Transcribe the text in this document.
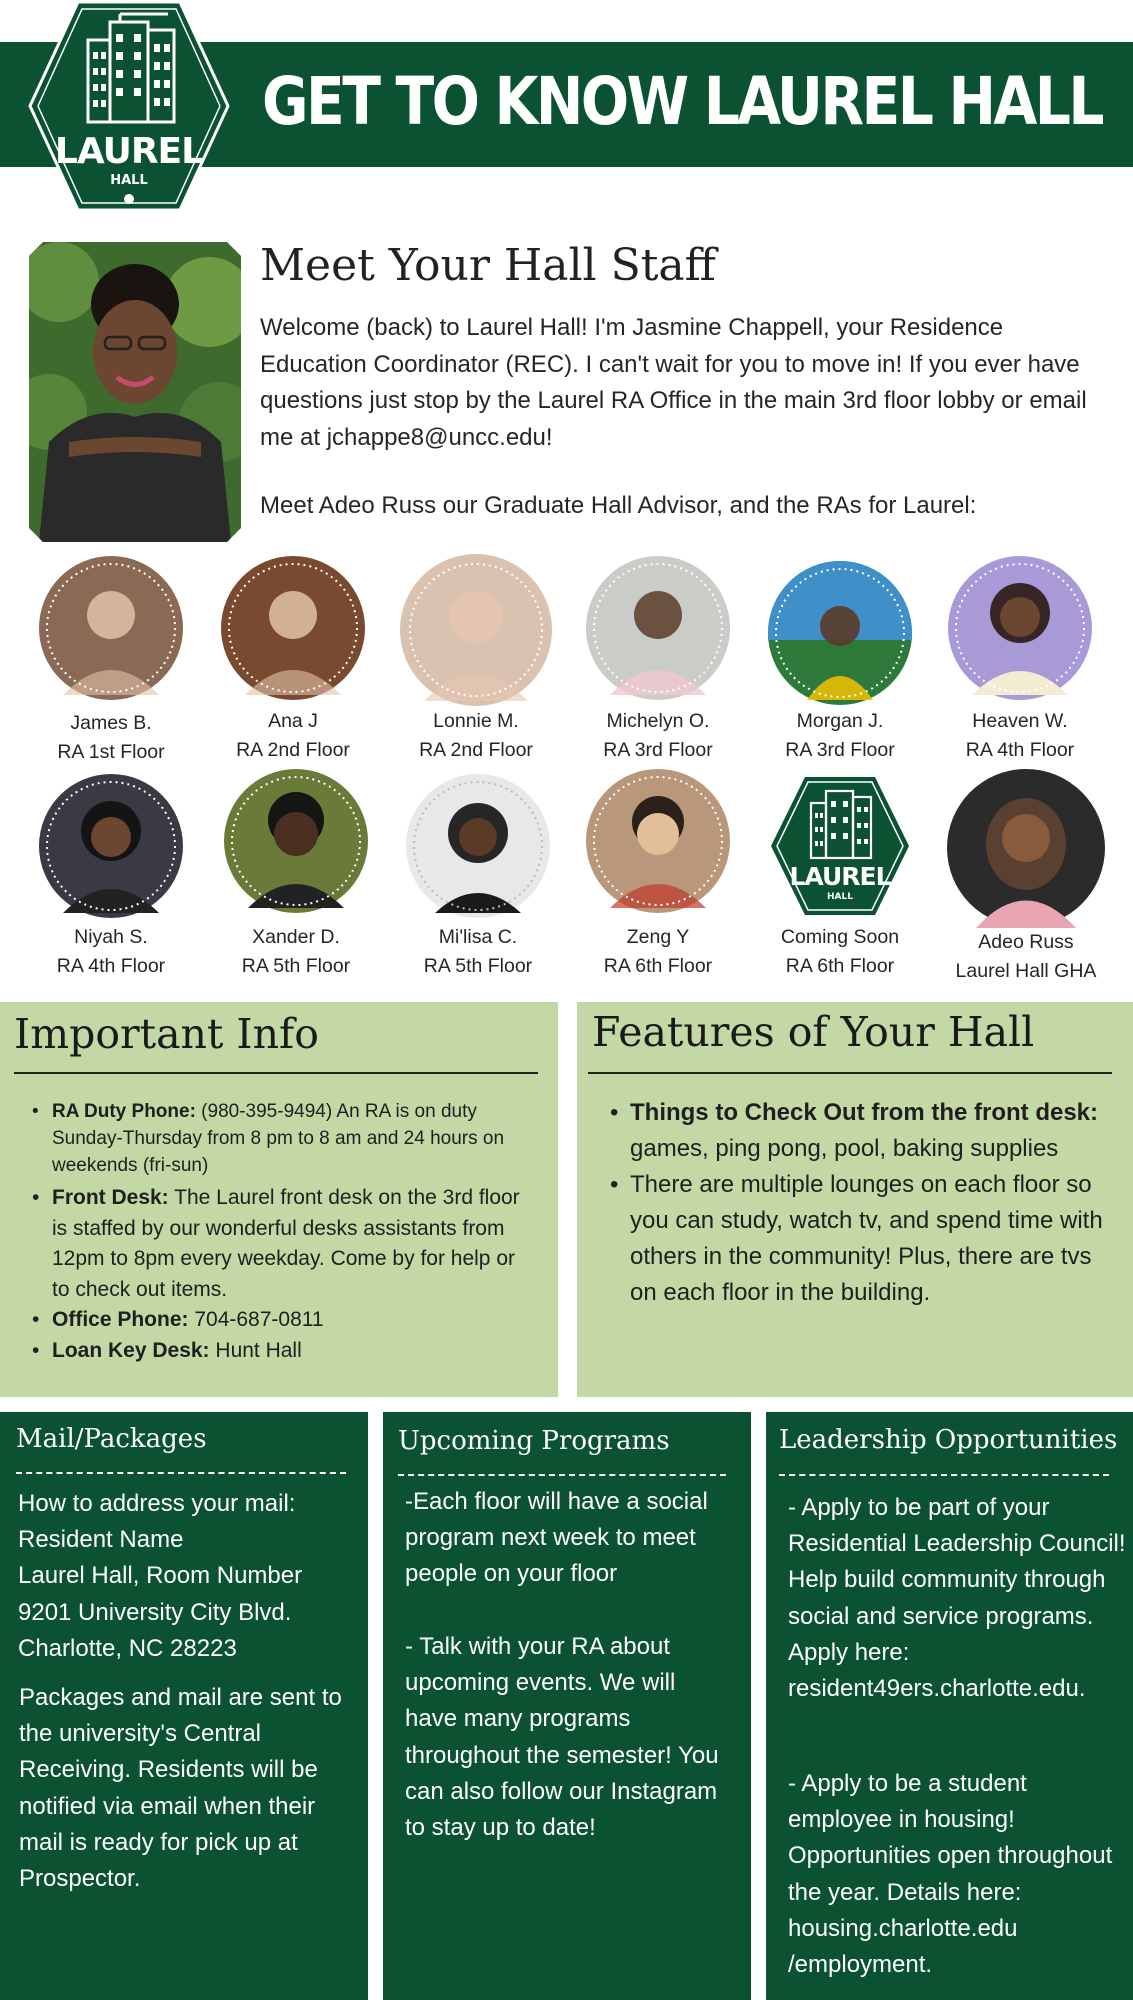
LAUREL
HALL
GET TO KNOW LAUREL HALL
Meet Your Hall Staff
Welcome (back) to Laurel Hall! I'm Jasmine Chappell, your Residence Education Coordinator (REC). I can't wait for you to move in! If you ever have questions just stop by the Laurel RA Office in the main 3rd floor lobby or email me at jchappe8@uncc.edu!
Meet Adeo Russ our Graduate Hall Advisor, and the RAs for Laurel:
James B.
RA 1st Floor
Ana J
RA 2nd Floor
Lonnie M.
RA 2nd Floor
Michelyn O.
RA 3rd Floor
Morgan J.
RA 3rd Floor
Heaven W.
RA 4th Floor
Niyah S.
RA 4th Floor
Xander D.
RA 5th Floor
Mi'lisa C.
RA 5th Floor
Zeng Y
RA 6th Floor
LAUREL
HALL
Coming Soon
RA 6th Floor
Adeo Russ
Laurel Hall GHA
Important Info
• RA Duty Phone: (980-395-9494) An RA is on duty Sunday-Thursday from 8 pm to 8 am and 24 hours on weekends (fri-sun)
• Front Desk: The Laurel front desk on the 3rd floor is staffed by our wonderful desks assistants from 12pm to 8pm every weekday. Come by for help or to check out items.
• Office Phone: 704-687-0811
• Loan Key Desk: Hunt Hall
Features of Your Hall
• Things to Check Out from the front desk: games, ping pong, pool, baking supplies
• There are multiple lounges on each floor so you can study, watch tv, and spend time with others in the community! Plus, there are tvs on each floor in the building.
Mail/Packages
How to address your mail:
Resident Name
Laurel Hall, Room Number
9201 University City Blvd.
Charlotte, NC 28223
Packages and mail are sent to the university's Central Receiving. Residents will be notified via email when their mail is ready for pick up at Prospector.
Upcoming Programs
-Each floor will have a social program next week to meet people on your floor
- Talk with your RA about upcoming events. We will have many programs throughout the semester! You can also follow our Instagram to stay up to date!
Leadership Opportunities
- Apply to be part of your Residential Leadership Council! Help build community through social and service programs. Apply here: resident49ers.charlotte.edu.
- Apply to be a student employee in housing! Opportunities open throughout the year. Details here: housing.charlotte.edu /employment.
